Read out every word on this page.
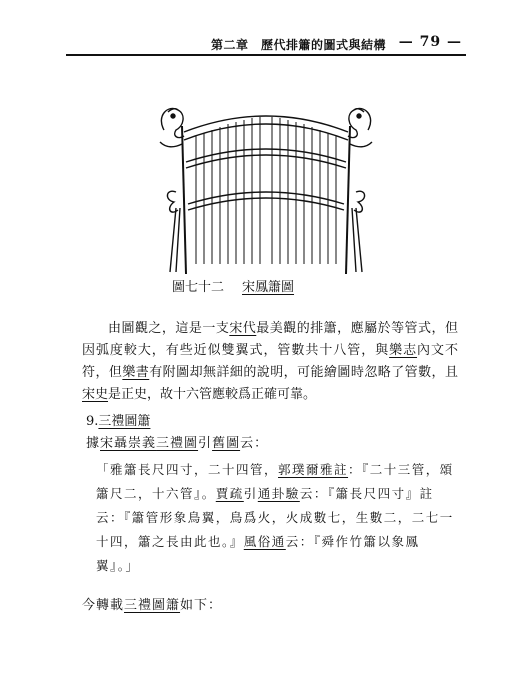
第二章　歷代排簫的圖式與結構 — 79 —
圖七十二 宋鳳簫圖
由圖觀之，這是一支宋代最美觀的排簫，應屬於等管式，但因弧度較大，有些近似雙翼式，管數共十八管，與樂志內文不符，但樂書有附圖却無詳細的說明，可能繪圖時忽略了管數，且宋史是正史，故十六管應較爲正確可靠。
9.三禮圖簫
據宋聶崇義三禮圖引舊圖云：
「雅簫長尺四寸，二十四管，郭璞爾雅註：『二十三管，頌簫尺二，十六管』。賈疏引通卦驗云：『簫長尺四寸』註云：『簫管形象鳥翼，鳥爲火，火成數七，生數二，二七一十四，簫之長由此也。』風俗通云：『舜作竹簫以象鳳翼』。」
今轉載三禮圖簫如下：
